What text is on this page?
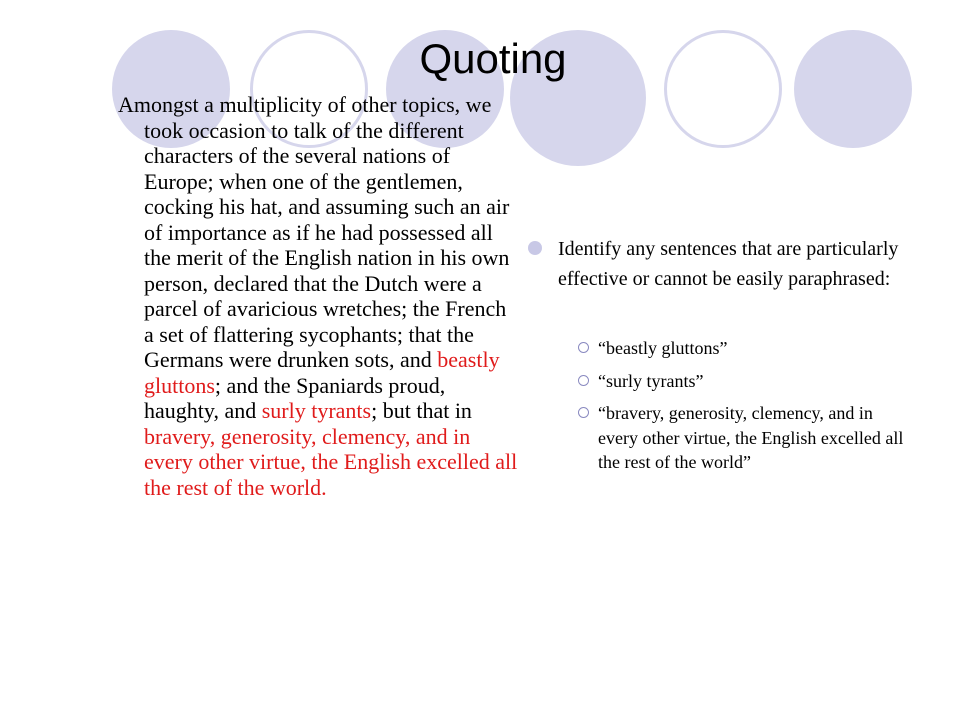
Quoting
Amongst a multiplicity of other topics, we took occasion to talk of the different characters of the several nations of Europe; when one of the gentlemen, cocking his hat, and assuming such an air of importance as if he had possessed all the merit of the English nation in his own person, declared that the Dutch were a parcel of avaricious wretches; the French a set of flattering sycophants; that the Germans were drunken sots, and beastly gluttons; and the Spaniards proud, haughty, and surly tyrants; but that in bravery, generosity, clemency, and in every other virtue, the English excelled all the rest of the world.
Identify any sentences that are particularly effective or cannot be easily paraphrased:
“beastly gluttons”
“surly tyrants”
“bravery, generosity, clemency, and in every other virtue, the English excelled all the rest of the world”
